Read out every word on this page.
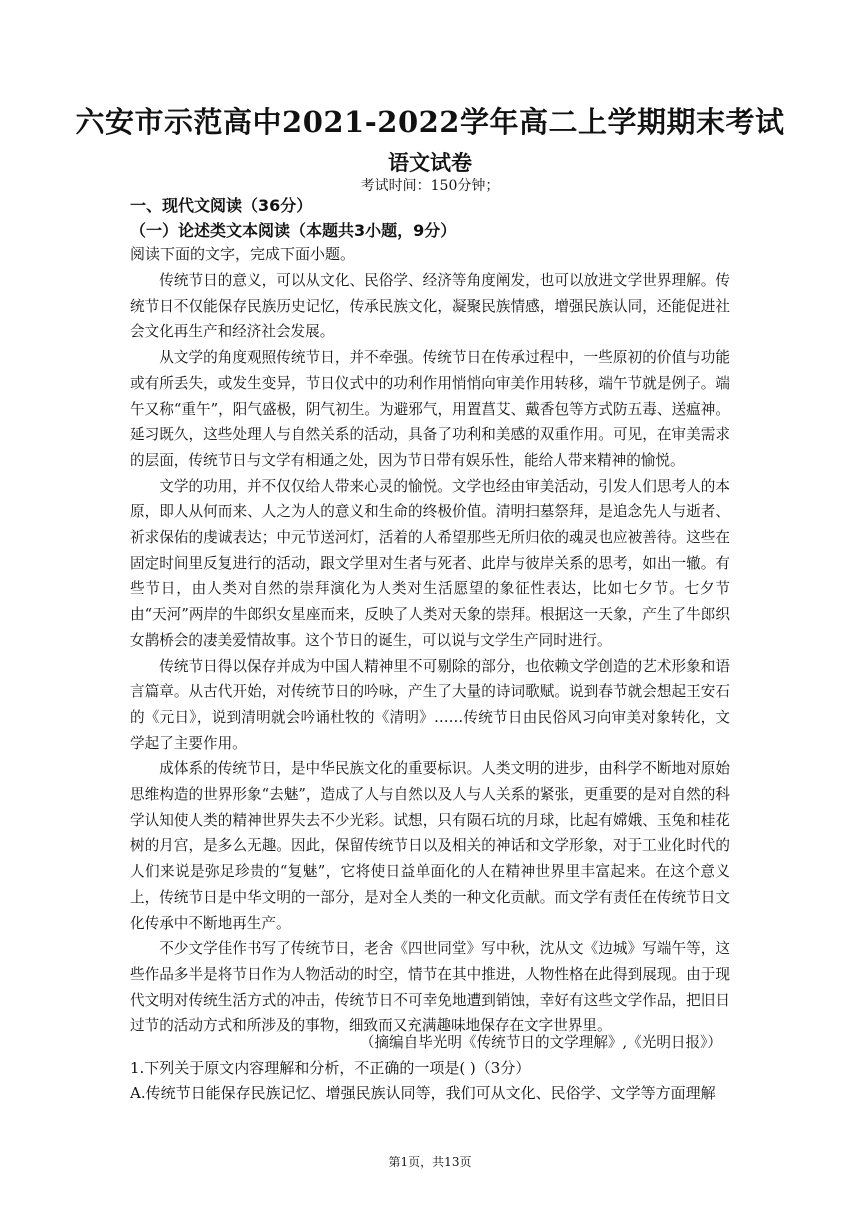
六安市示范高中2021-2022学年高二上学期期末考试
语文试卷
考试时间：150分钟；
一、现代文阅读（36分）
（一）论述类文本阅读（本题共3小题，9分）
阅读下面的文字，完成下面小题。

传统节日的意义，可以从文化、民俗学、经济等角度阐发，也可以放进文学世界理解。传统节日不仅能保存民族历史记忆，传承民族文化，凝聚民族情感，增强民族认同，还能促进社会文化再生产和经济社会发展。

从文学的角度观照传统节日，并不牵强。传统节日在传承过程中，一些原初的价值与功能或有所丢失，或发生变异，节日仪式中的功利作用悄悄向审美作用转移，端午节就是例子。端午又称“重午”，阳气盛极，阴气初生。为避邪气，用置菖艾、戴香包等方式防五毒、送瘟神。延习既久，这些处理人与自然关系的活动，具备了功利和美感的双重作用。可见，在审美需求的层面，传统节日与文学有相通之处，因为节日带有娱乐性，能给人带来精神的愉悦。

文学的功用，并不仅仅给人带来心灵的愉悦。文学也经由审美活动，引发人们思考人的本原，即人从何而来、人之为人的意义和生命的终极价值。清明扫墓祭拜，是追念先人与逝者、祈求保佑的虔诚表达；中元节送河灯，活着的人希望那些无所归依的魂灵也应被善待。这些在固定时间里反复进行的活动，跟文学里对生者与死者、此岸与彼岸关系的思考，如出一辙。有些节日，由人类对自然的崇拜演化为人类对生活愿望的象征性表达，比如七夕节。七夕节由“天河”两岸的牛郎织女星座而来，反映了人类对天象的崇拜。根据这一天象，产生了牛郎织女鹊桥会的凄美爱情故事。这个节日的诞生，可以说与文学生产同时进行。

传统节日得以保存并成为中国人精神里不可剔除的部分，也依赖文学创造的艺术形象和语言篇章。从古代开始，对传统节日的吟咏，产生了大量的诗词歌赋。说到春节就会想起王安石的《元日》，说到清明就会吟诵杜牧的《清明》……传统节日由民俗风习向审美对象转化，文学起了主要作用。

成体系的传统节日，是中华民族文化的重要标识。人类文明的进步，由科学不断地对原始思维构造的世界形象“去魅”，造成了人与自然以及人与人关系的紧张，更重要的是对自然的科学认知使人类的精神世界失去不少光彩。试想，只有陨石坑的月球，比起有嫦娥、玉兔和桂花树的月宫，是多么无趣。因此，保留传统节日以及相关的神话和文学形象，对于工业化时代的人们来说是弥足珍贵的“复魅”，它将使日益单面化的人在精神世界里丰富起来。在这个意义上，传统节日是中华文明的一部分，是对全人类的一种文化贡献。而文学有责任在传统节日文化传承中不断地再生产。

不少文学佳作书写了传统节日，老舍《四世同堂》写中秋，沈从文《边城》写端午等，这些作品多半是将节日作为人物活动的时空，情节在其中推进，人物性格在此得到展现。由于现代文明对传统生活方式的冲击，传统节日不可幸免地遭到销蚀，幸好有这些文学作品，把旧日过节的活动方式和所涉及的事物，细致而又充满趣味地保存在文字世界里。

（摘编自毕光明《传统节日的文学理解》,《光明日报》）
1.下列关于原文内容理解和分析，不正确的一项是( )（3分）
A.传统节日能保存民族记忆、增强民族认同等，我们可从文化、民俗学、文学等方面理解
第1页，共13页
